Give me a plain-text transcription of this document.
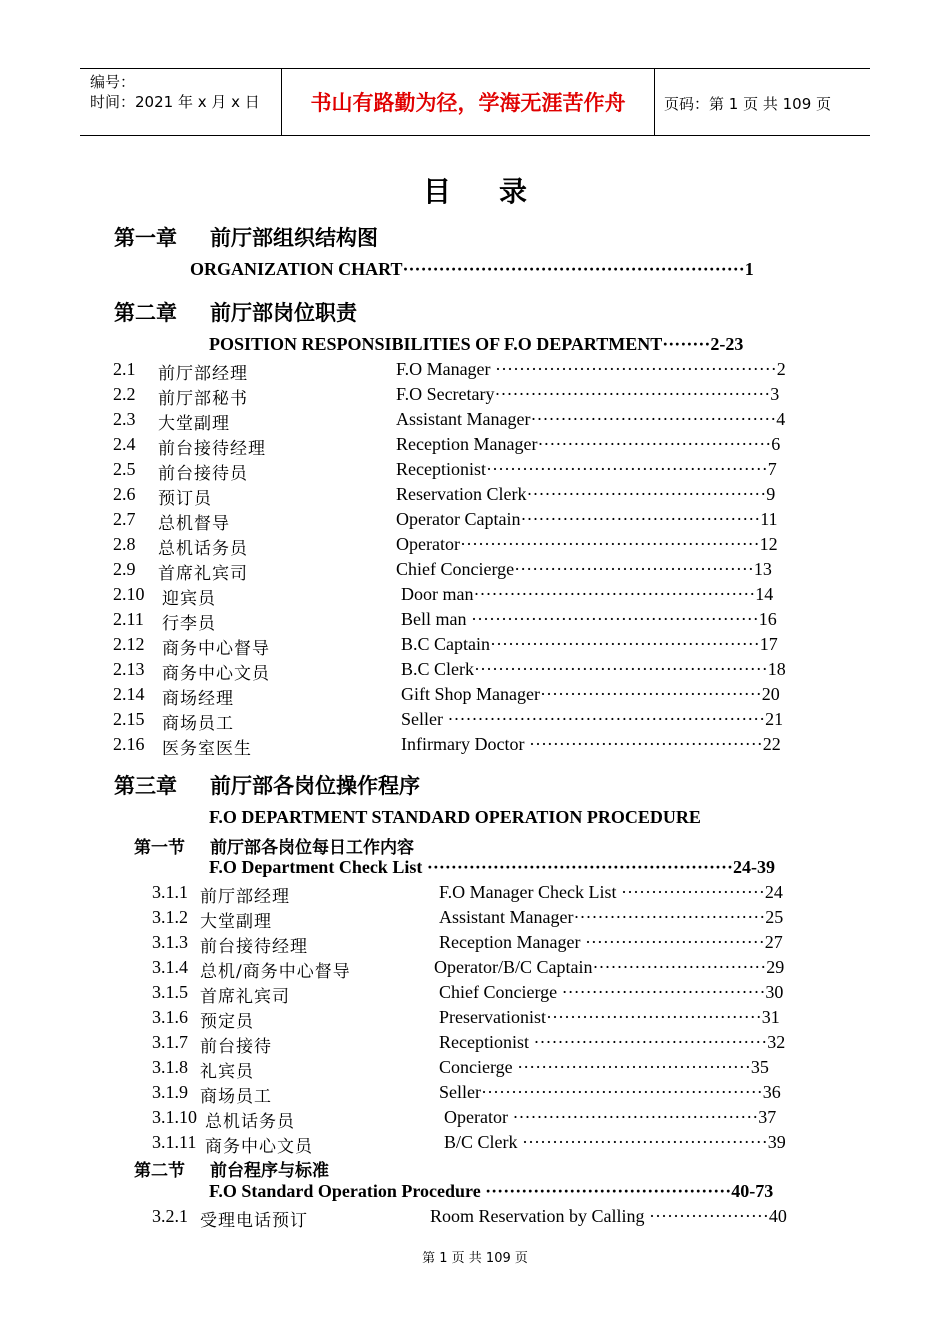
编号：
时间：2021 年 x 月 x 日	书山有路勤为径，学海无涯苦作舟	页码：第 1 页 共 109 页
目录
第一章 前厅部组织结构图
ORGANIZATION CHART·························································1
第二章 前厅部岗位职责
POSITION RESPONSIBILITIES OF F.O DEPARTMENT········2-23
2.1 前厅部经理	F.O Manager ···············································2
2.2 前厅部秘书	F.O Secretary··············································3
2.3 大堂副理	Assistant Manager·········································4
2.4 前台接待经理	Reception Manager·······································6
2.5 前台接待员	Receptionist···············································7
2.6 预订员	Reservation Clerk········································9
2.7 总机督导	Operator Captain········································11
2.8 总机话务员	Operator··················································12
2.9 首席礼宾司	Chief Concierge········································13
2.10 迎宾员	Door man···············································14
2.11 行李员	Bell man ················································16
2.12 商务中心督导	B.C Captain·············································17
2.13 商务中心文员	B.C Clerk·················································18
2.14 商场经理	Gift Shop Manager·····································20
2.15 商场员工	Seller ·····················································21
2.16 医务室医生	Infirmary Doctor ·······································22
第三章 前厅部各岗位操作程序
F.O DEPARTMENT STANDARD OPERATION PROCEDURE
第一节 前厅部各岗位每日工作内容
F.O Department Check List ···················································24-39
3.1.1 前厅部经理	F.O Manager Check List ························24
3.1.2 大堂副理	Assistant Manager································25
3.1.3 前台接待经理	Reception Manager ······························27
3.1.4 总机/商务中心督导	Operator/B/C Captain·····························29
3.1.5 首席礼宾司	Chief Concierge ··································30
3.1.6 预定员	Preservationist····································31
3.1.7 前台接待	Receptionist ·······································32
3.1.8 礼宾员	Concierge ·······································35
3.1.9 商场员工	Seller···············································36
3.1.10 总机话务员	Operator ·········································37
3.1.11 商务中心文员	B/C Clerk ·········································39
第二节 前台程序与标准
F.O Standard Operation Procedure ·········································40-73
3.2.1 受理电话预订	Room Reservation by Calling ····················40
第 1 页 共 109 页
